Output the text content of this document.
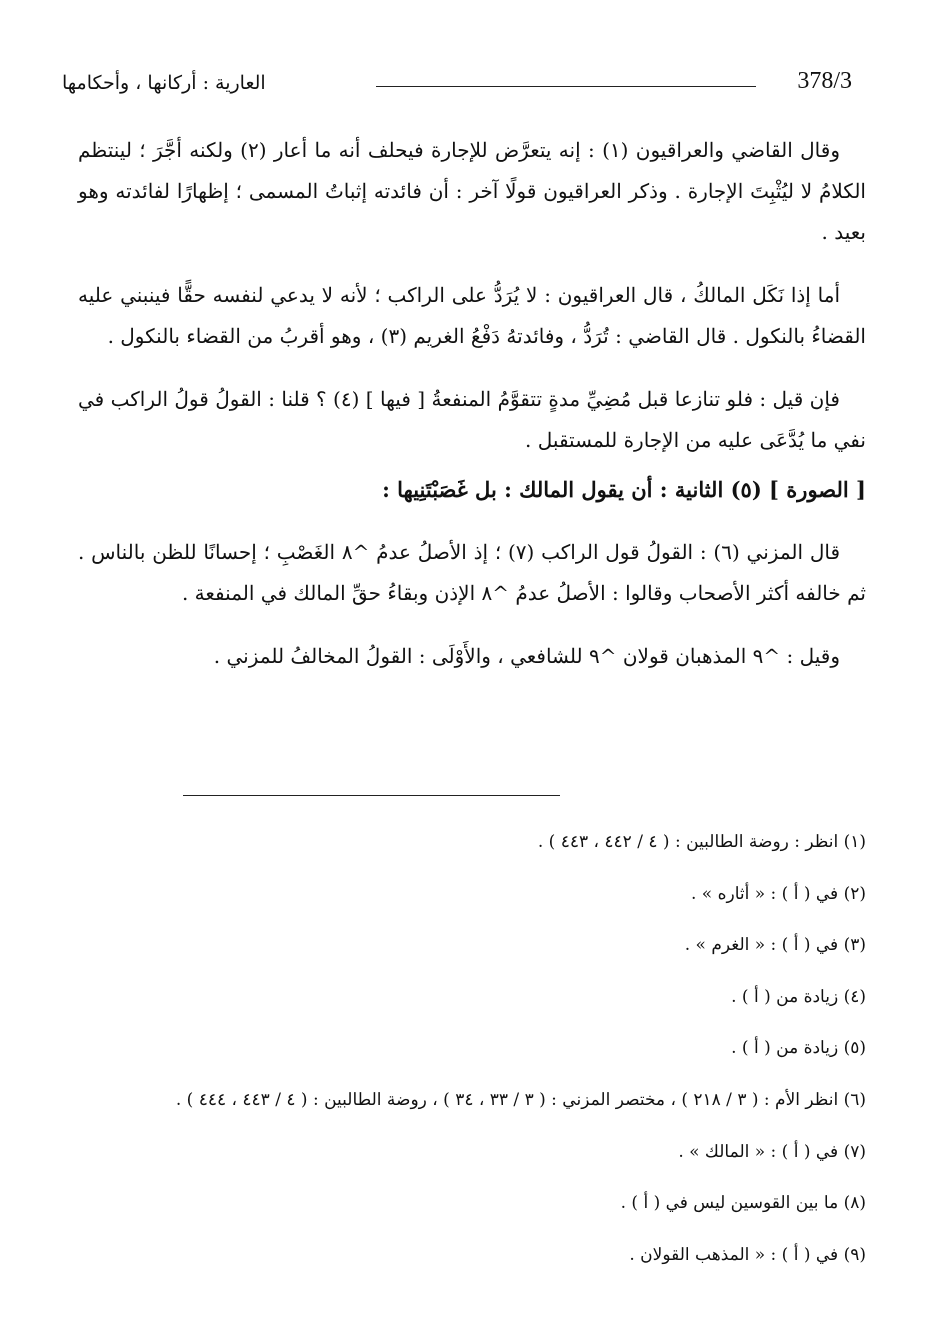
378/3
العارية : أركانها ، وأحكامها

وقال القاضي والعراقيون (١) : إنه يتعرَّض للإجارة فيحلف أنه ما أعار (٢) ولكنه أجَّرَ ؛ لينتظم الكلامُ لا ليُثْبِتَ الإجارة . وذكر العراقيون قولًا آخر : أن فائدته إثباتُ المسمى ؛ إظهارًا لفائدته وهو بعيد .

أما إذا نَكَل المالكُ ، قال العراقيون : لا يُرَدُّ على الراكب ؛ لأنه لا يدعي لنفسه حقًّا فينبني عليه القضاءُ بالنكول . قال القاضي : تُرَدُّ ، وفائدتهُ دَفْعُ الغريم (٣) ، وهو أقربُ من القضاء بالنكول .

فإن قيل : فلو تنازعا قبل مُضِيِّ مدةٍ تتقوَّمُ المنفعةُ [ فيها ] (٤) ؟ قلنا : القولُ قولُ الراكب في نفي ما يُدَّعَى عليه من الإجارة للمستقبل .

[ الصورة ] (٥) الثانية : أن يقول المالك : بل غَصَبْتَنِيها :

قال المزني (٦) : القولُ قول الراكب (٧) ؛ إذ الأصلُ عدمُ ^٨ الغَصْبِ ؛ إحسانًا للظن بالناس . ثم خالفه أكثر الأصحاب وقالوا : الأصلُ عدمُ ^٨ الإذن وبقاءُ حقِّ المالك في المنفعة .

وقيل : ^٩ المذهبان قولان ^٩ للشافعي ، والأَوْلَى : القولُ المخالفُ للمزني .

(١) انظر : روضة الطالبين : ( ٤ / ٤٤٢ ، ٤٤٣ ) .
(٢) في ( أ ) : « أثاره » .
(٣) في ( أ ) : « الغرم » .
(٤) زيادة من ( أ ) .
(٥) زيادة من ( أ ) .
(٦) انظر الأم : ( ٣ / ٢١٨ ) ، مختصر المزني : ( ٣ / ٣٣ ، ٣٤ ) ، روضة الطالبين : ( ٤ / ٤٤٣ ، ٤٤٤ ) .
(٧) في ( أ ) : « المالك » .
(٨) ما بين القوسين ليس في ( أ ) .
(٩) في ( أ ) : « المذهب القولان .
